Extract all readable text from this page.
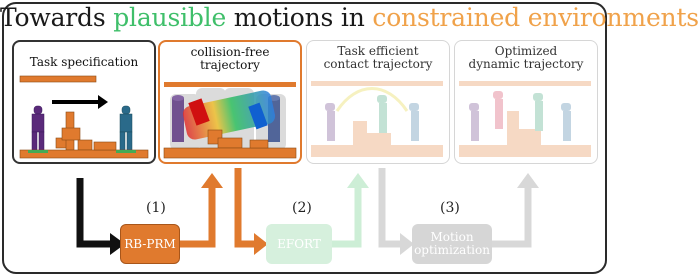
Towards plausible motions in constrained environments
Task specification
collision-free
trajectory
Task efficient
contact trajectory
Optimized
dynamic trajectory
(1)	(2)	(3)
RB-PRM	EFORT	Motion
optimization
